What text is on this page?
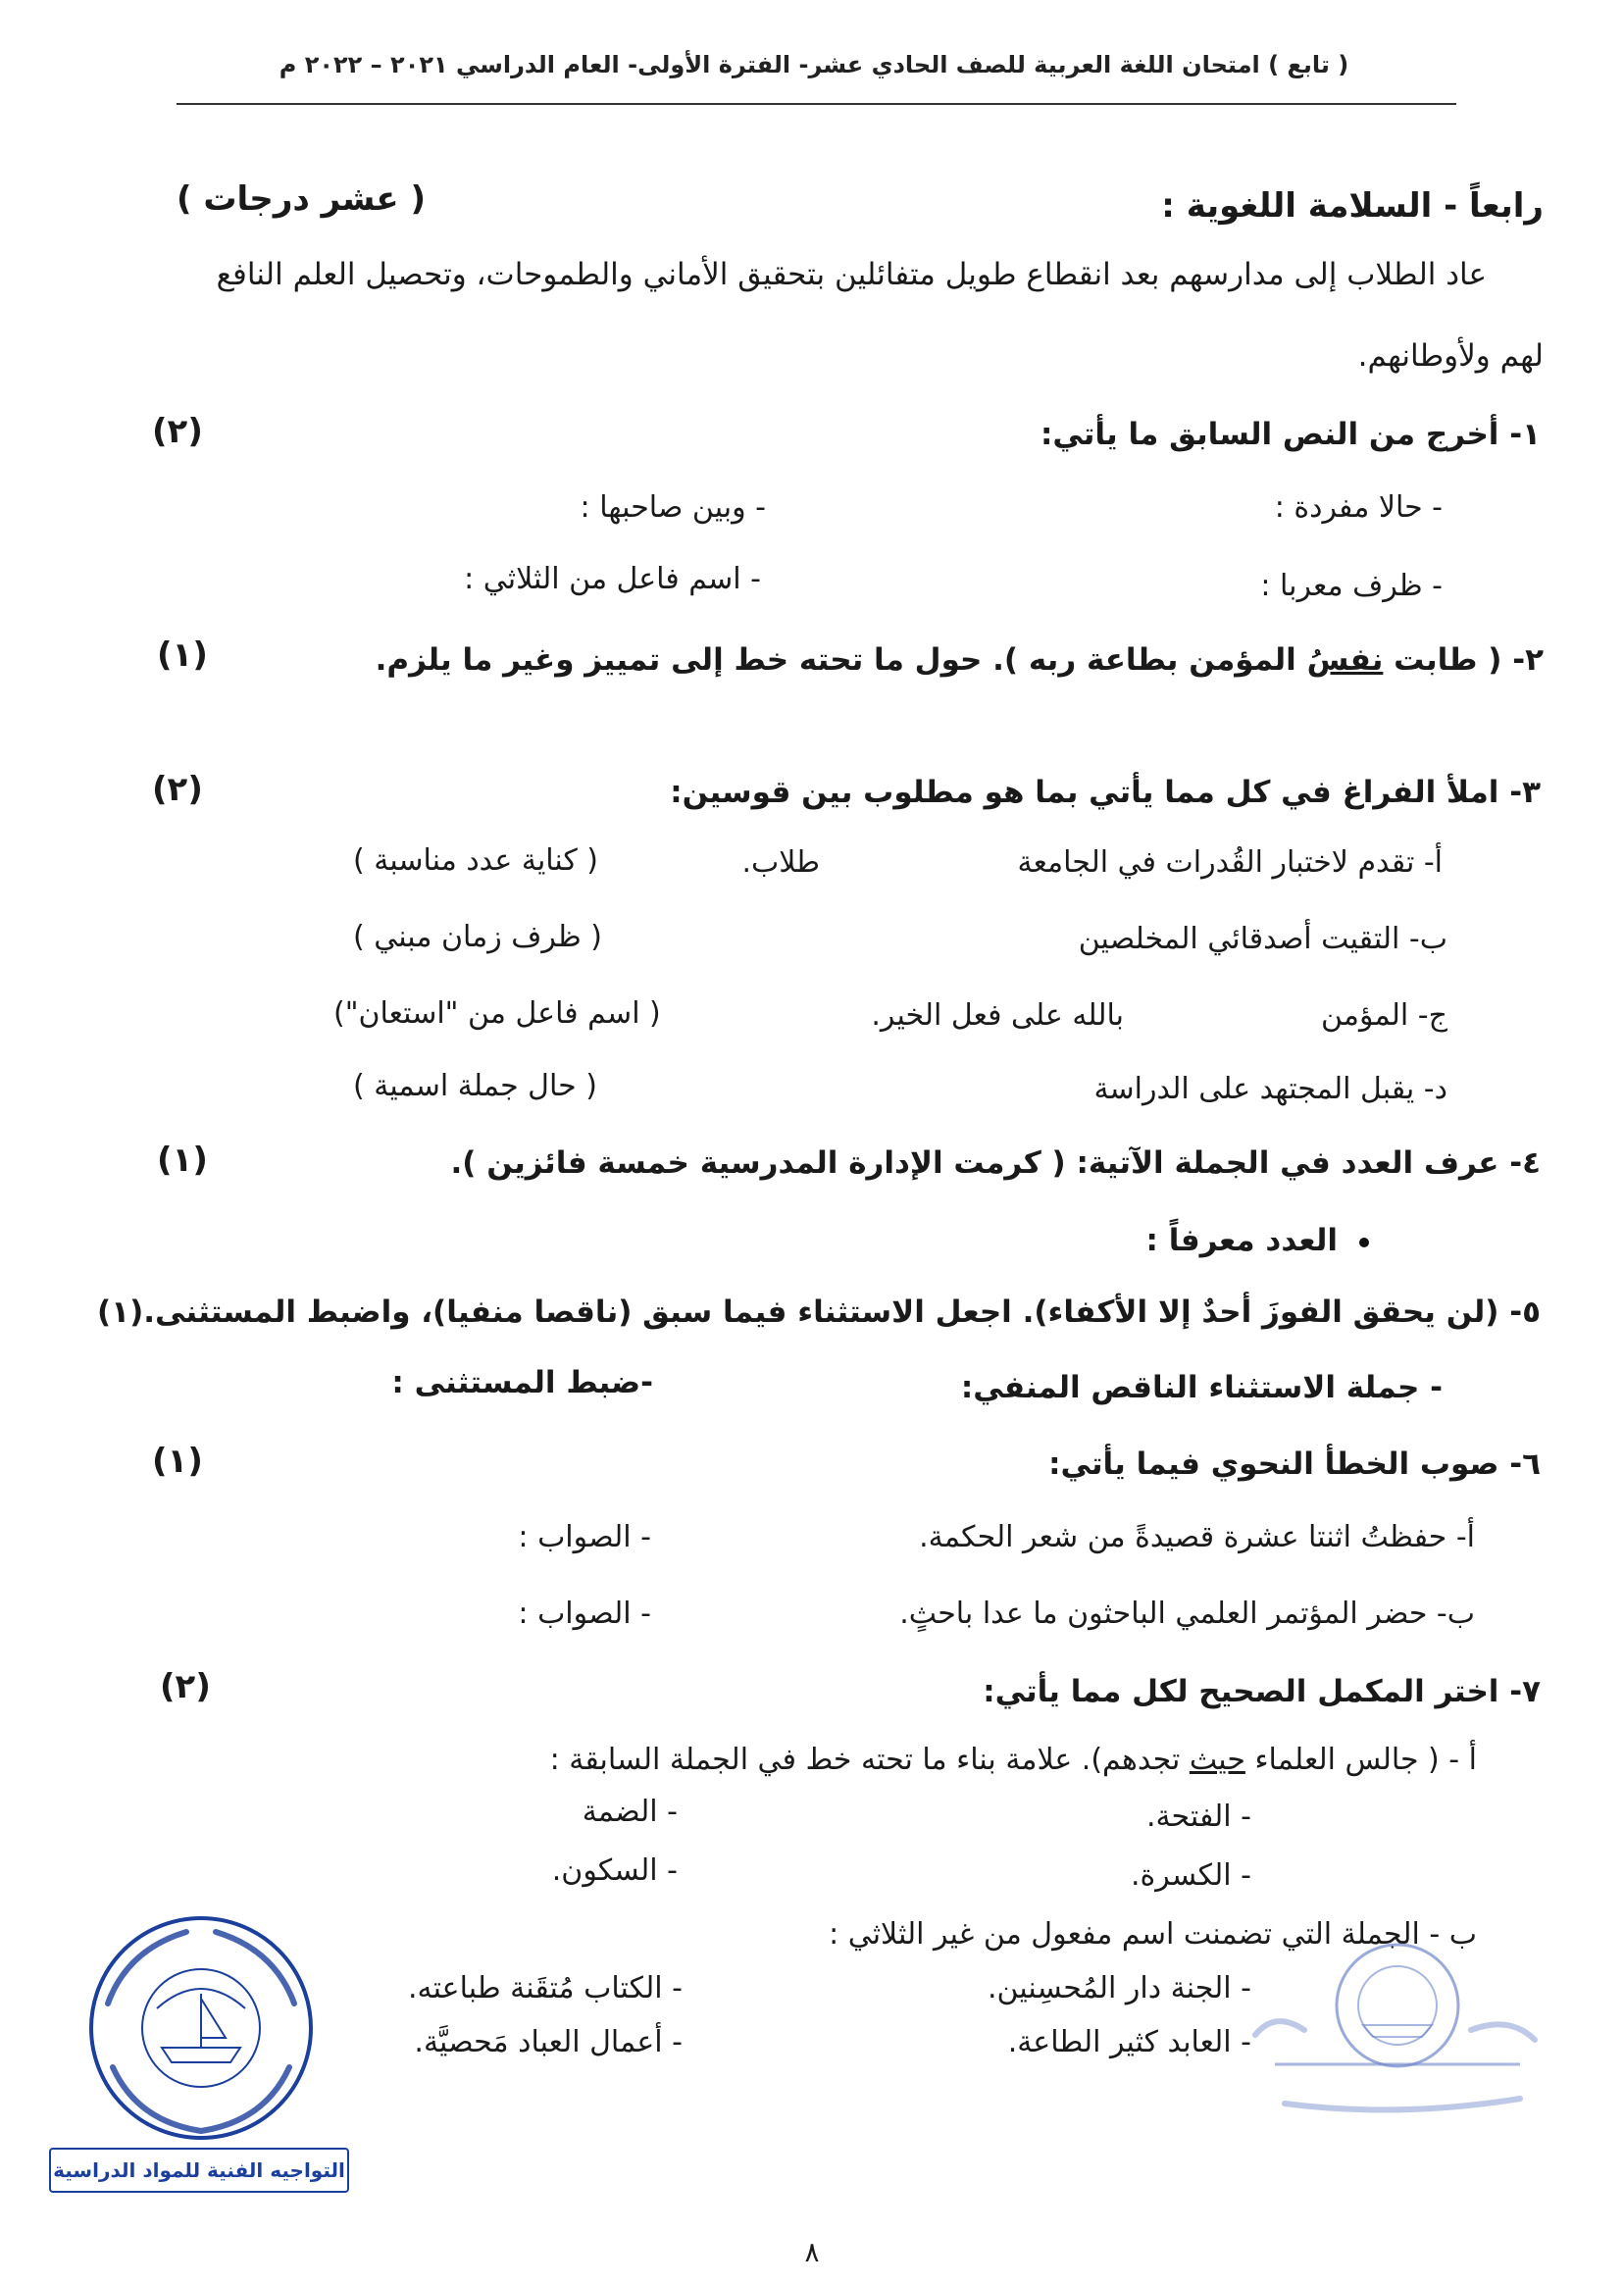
( تابع ) امتحان اللغة العربية للصف الحادي عشر- الفترة الأولى- العام الدراسي ٢٠٢١ – ٢٠٢٢ م
رابعاً - السلامة اللغوية :
( عشر درجات )
عاد الطلاب إلى مدارسهم بعد انقطاع طويل متفائلين بتحقيق الأماني والطموحات، وتحصيل العلم النافع
لهم ولأوطانهم.
١- أخرج من النص السابق ما يأتي:
(٢)
- حالا مفردة :
- وبين صاحبها :
- ظرف معربا :
- اسم فاعل من الثلاثي :
٢- ( طابت نفسُ المؤمن بطاعة ربه ). حول ما تحته خط إلى تمييز وغير ما يلزم.
(١)
٣- املأ الفراغ في كل مما يأتي بما هو مطلوب بين قوسين:
(٢)
أ- تقدم لاختبار القُدرات في الجامعة
طلاب.
( كناية عدد مناسبة )
ب- التقيت أصدقائي المخلصين
( ظرف زمان مبني )
ج- المؤمن
بالله على فعل الخير.
( اسم فاعل من "استعان")
د- يقبل المجتهد على الدراسة
( حال جملة اسمية )
٤- عرف العدد في الجملة الآتية: ( كرمت الإدارة المدرسية خمسة فائزين ).
(١)
العدد معرفاً :
٥- (لن يحقق الفوزَ أحدٌ إلا الأكفاء). اجعل الاستثناء فيما سبق (ناقصا منفيا)، واضبط المستثنى.(١)
- جملة الاستثناء الناقص المنفي:
-ضبط المستثنى :
٦- صوب الخطأ النحوي فيما يأتي:
(١)
أ- حفظتُ اثنتا عشرة قصيدةً من شعر الحكمة.
- الصواب :
ب- حضر المؤتمر العلمي الباحثون ما عدا باحثٍ.
- الصواب :
٧- اختر المكمل الصحيح لكل مما يأتي:
(٢)
أ - ( جالس العلماء حيث تجدهم). علامة بناء ما تحته خط في الجملة السابقة :
- الفتحة.
- الضمة
- الكسرة.
- السكون.
ب - الجملة التي تضمنت اسم مفعول من غير الثلاثي :
- الجنة دار المُحسِنين.
- الكتاب مُتقَنة طباعته.
- العابد كثير الطاعة.
- أعمال العباد مَحصيَّة.
التواجيه الفنية للمواد الدراسية
٨
